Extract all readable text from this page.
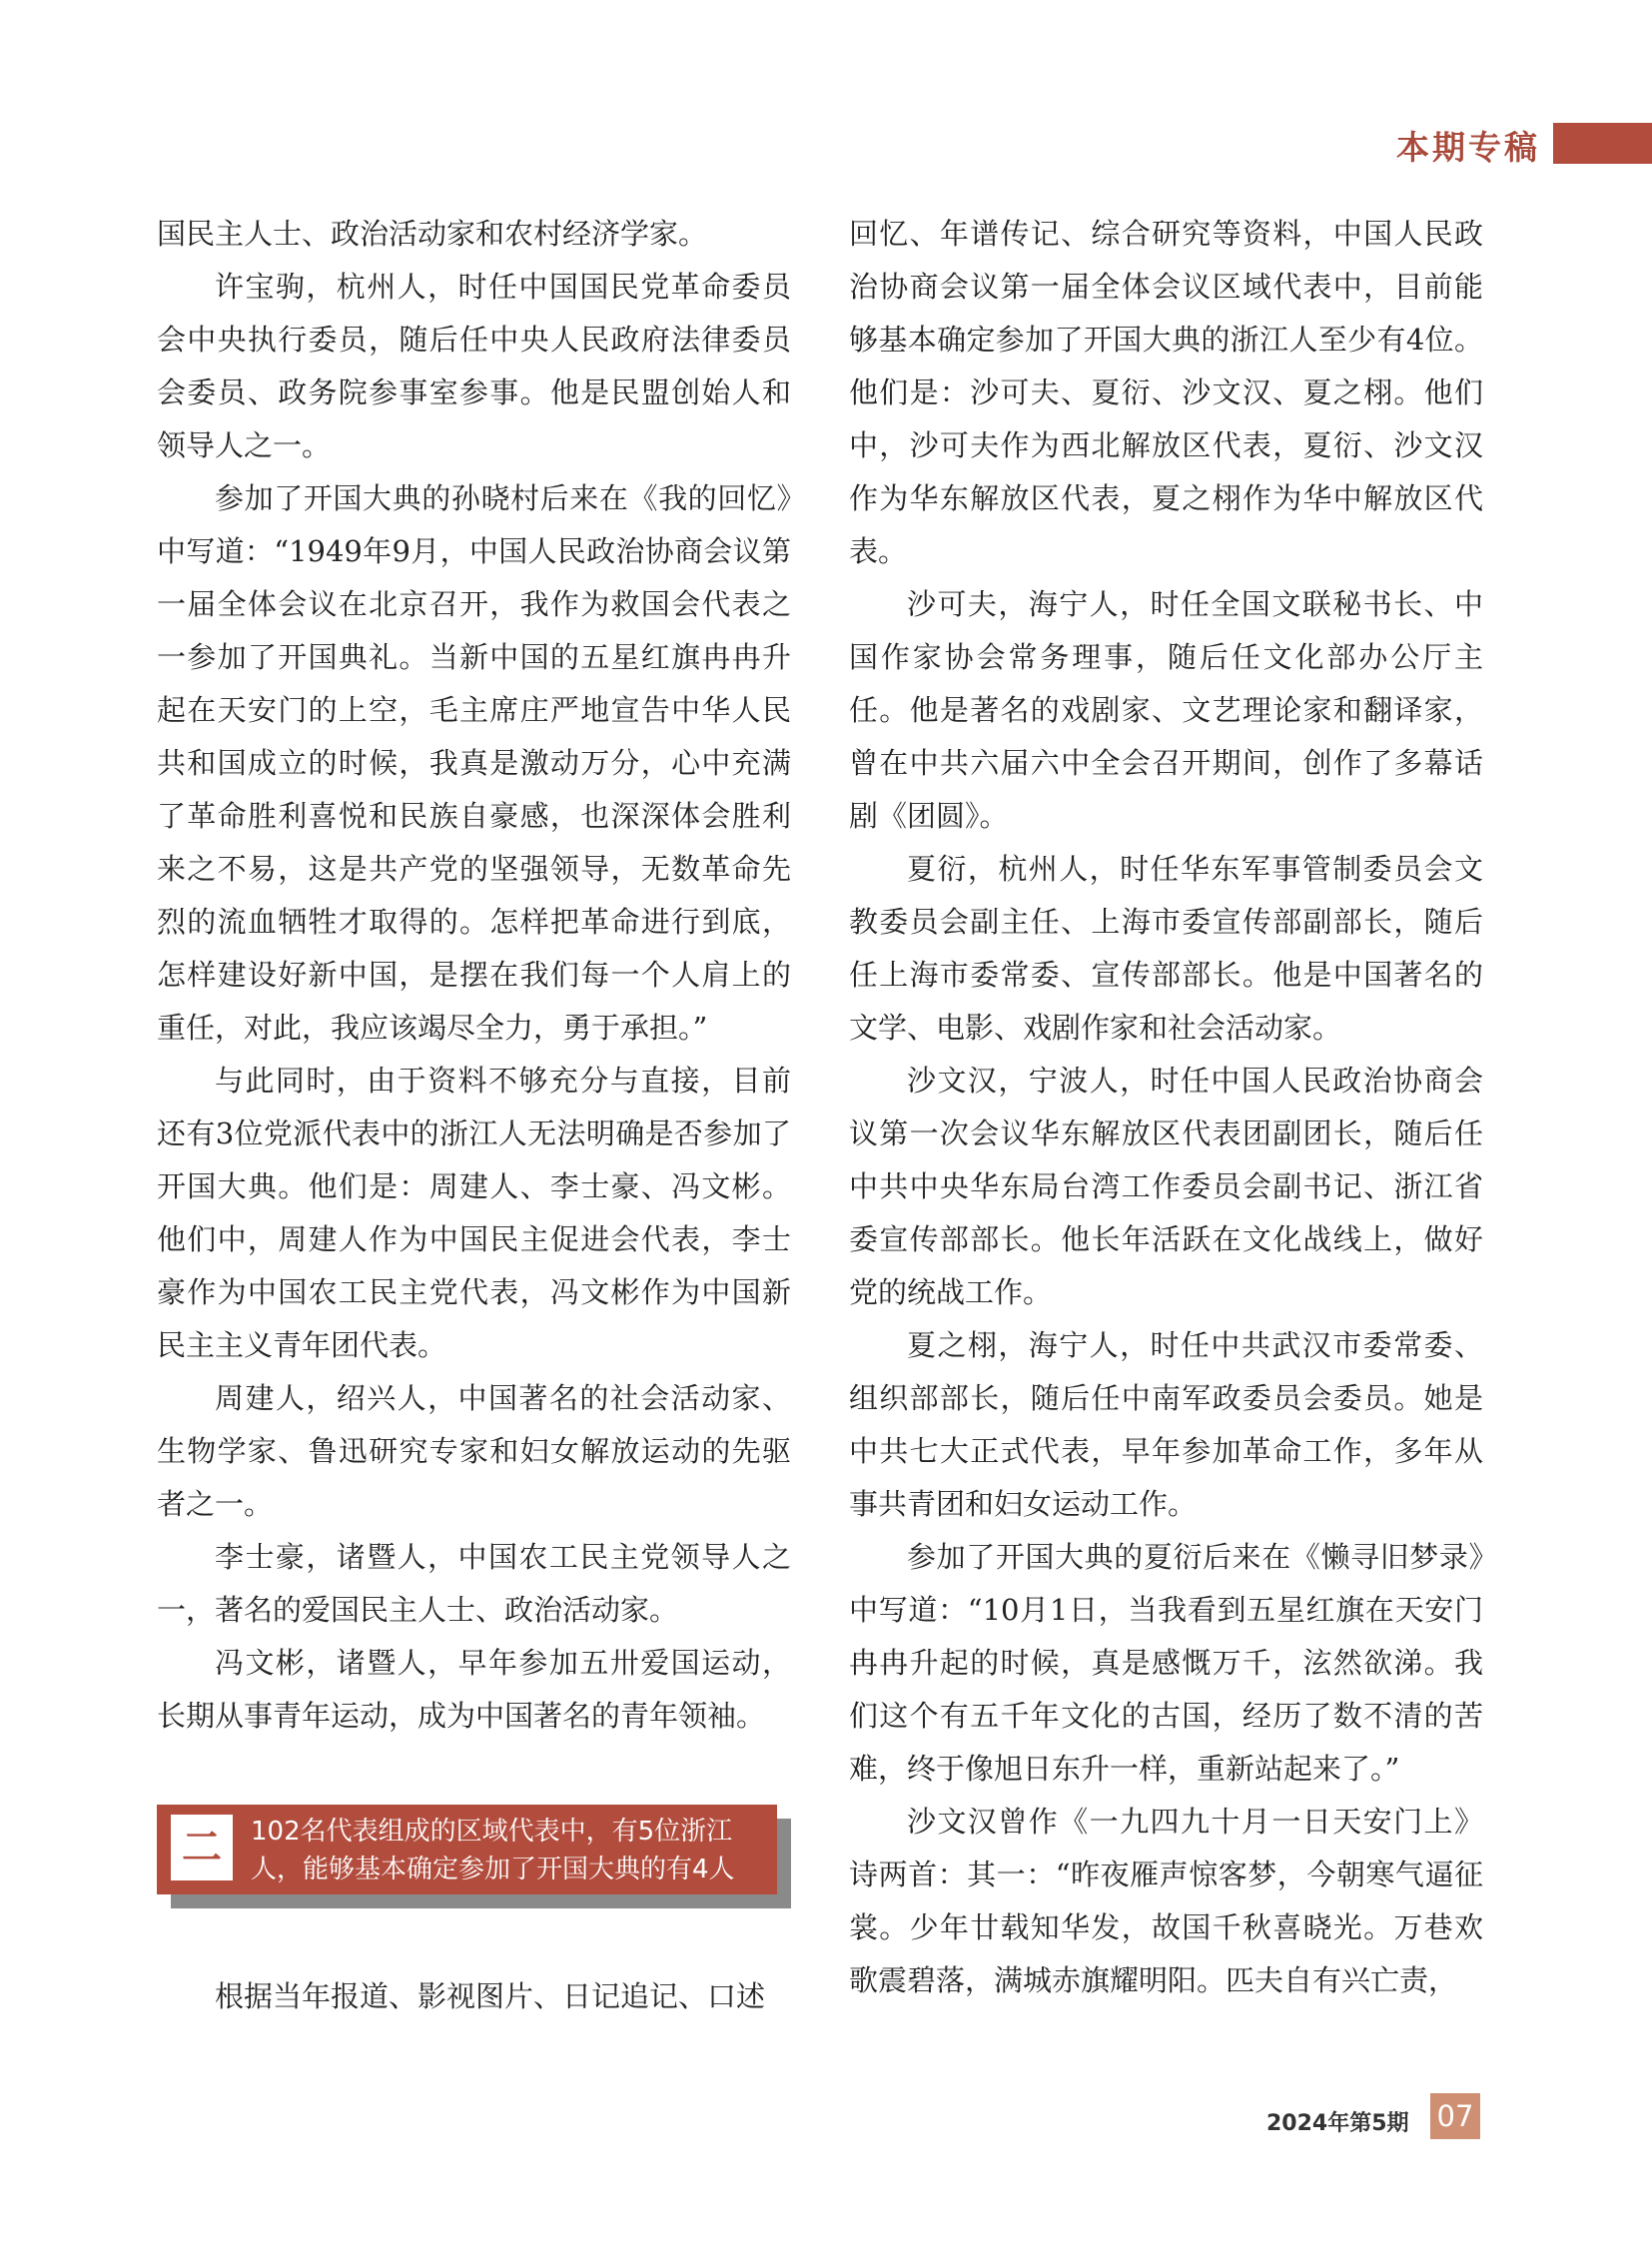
本期专稿

国民主人士、政治活动家和农村经济学家。

许宝驹，杭州人，时任中国国民党革命委员会中央执行委员，随后任中央人民政府法律委员会委员、政务院参事室参事。他是民盟创始人和领导人之一。

参加了开国大典的孙晓村后来在《我的回忆》中写道：“1949年9月，中国人民政治协商会议第一届全体会议在北京召开，我作为救国会代表之一参加了开国典礼。当新中国的五星红旗冉冉升起在天安门的上空，毛主席庄严地宣告中华人民共和国成立的时候，我真是激动万分，心中充满了革命胜利喜悦和民族自豪感，也深深体会胜利来之不易，这是共产党的坚强领导，无数革命先烈的流血牺牲才取得的。怎样把革命进行到底，怎样建设好新中国，是摆在我们每一个人肩上的重任，对此，我应该竭尽全力，勇于承担。”

与此同时，由于资料不够充分与直接，目前还有3位党派代表中的浙江人无法明确是否参加了开国大典。他们是：周建人、李士豪、冯文彬。他们中，周建人作为中国民主促进会代表，李士豪作为中国农工民主党代表，冯文彬作为中国新民主主义青年团代表。

周建人，绍兴人，中国著名的社会活动家、生物学家、鲁迅研究专家和妇女解放运动的先驱者之一。

李士豪，诸暨人，中国农工民主党领导人之一，著名的爱国民主人士、政治活动家。

冯文彬，诸暨人，早年参加五卅爱国运动，长期从事青年运动，成为中国著名的青年领袖。

二	102名代表组成的区域代表中，有5位浙江人，能够基本确定参加了开国大典的有4人

根据当年报道、影视图片、日记追记、口述

回忆、年谱传记、综合研究等资料，中国人民政治协商会议第一届全体会议区域代表中，目前能够基本确定参加了开国大典的浙江人至少有4位。他们是：沙可夫、夏衍、沙文汉、夏之栩。他们中，沙可夫作为西北解放区代表，夏衍、沙文汉作为华东解放区代表，夏之栩作为华中解放区代表。

沙可夫，海宁人，时任全国文联秘书长、中国作家协会常务理事，随后任文化部办公厅主任。他是著名的戏剧家、文艺理论家和翻译家，曾在中共六届六中全会召开期间，创作了多幕话剧《团圆》。

夏衍，杭州人，时任华东军事管制委员会文教委员会副主任、上海市委宣传部副部长，随后任上海市委常委、宣传部部长。他是中国著名的文学、电影、戏剧作家和社会活动家。

沙文汉，宁波人，时任中国人民政治协商会议第一次会议华东解放区代表团副团长，随后任中共中央华东局台湾工作委员会副书记、浙江省委宣传部部长。他长年活跃在文化战线上，做好党的统战工作。

夏之栩，海宁人，时任中共武汉市委常委、组织部部长，随后任中南军政委员会委员。她是中共七大正式代表，早年参加革命工作，多年从事共青团和妇女运动工作。

参加了开国大典的夏衍后来在《懒寻旧梦录》中写道：“10月1日，当我看到五星红旗在天安门冉冉升起的时候，真是感慨万千，泫然欲涕。我们这个有五千年文化的古国，经历了数不清的苦难，终于像旭日东升一样，重新站起来了。”

沙文汉曾作《一九四九十月一日天安门上》诗两首：其一：“昨夜雁声惊客梦，今朝寒气逼征裳。少年廿载知华发，故国千秋喜晓光。万巷欢歌震碧落，满城赤旗耀明阳。匹夫自有兴亡责，

2024年第5期 07
